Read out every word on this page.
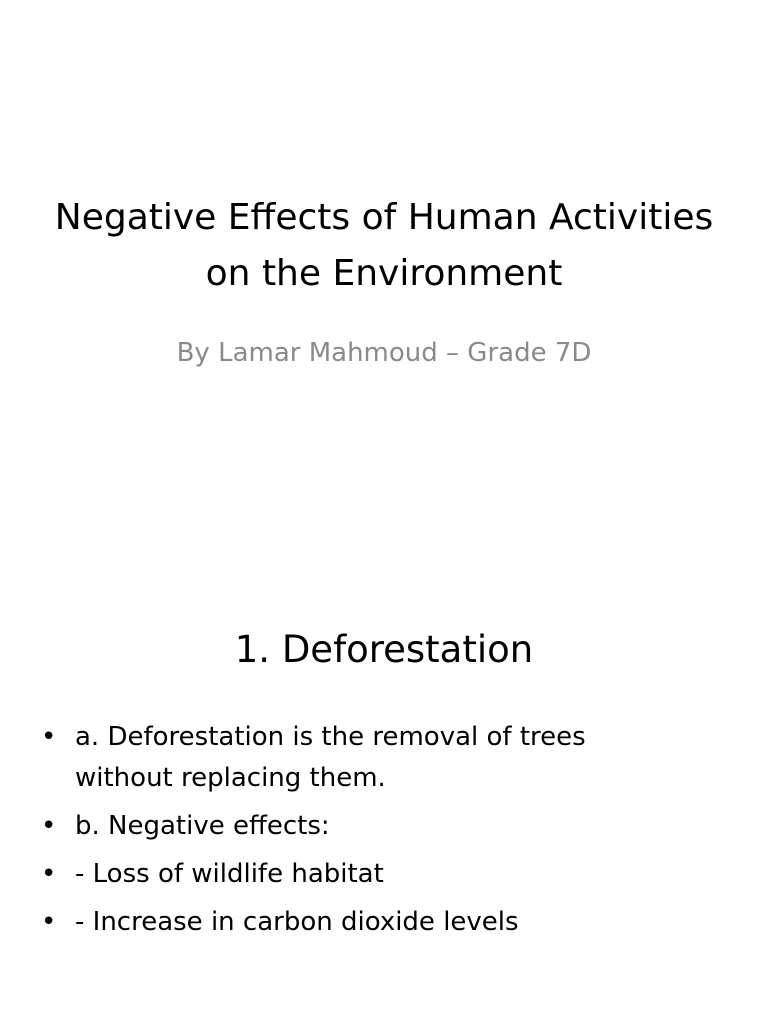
Negative Effects of Human Activities on the Environment

By Lamar Mahmoud – Grade 7D

1. Deforestation
• a. Deforestation is the removal of trees without replacing them.
• b. Negative effects:
• - Loss of wildlife habitat
• - Increase in carbon dioxide levels
